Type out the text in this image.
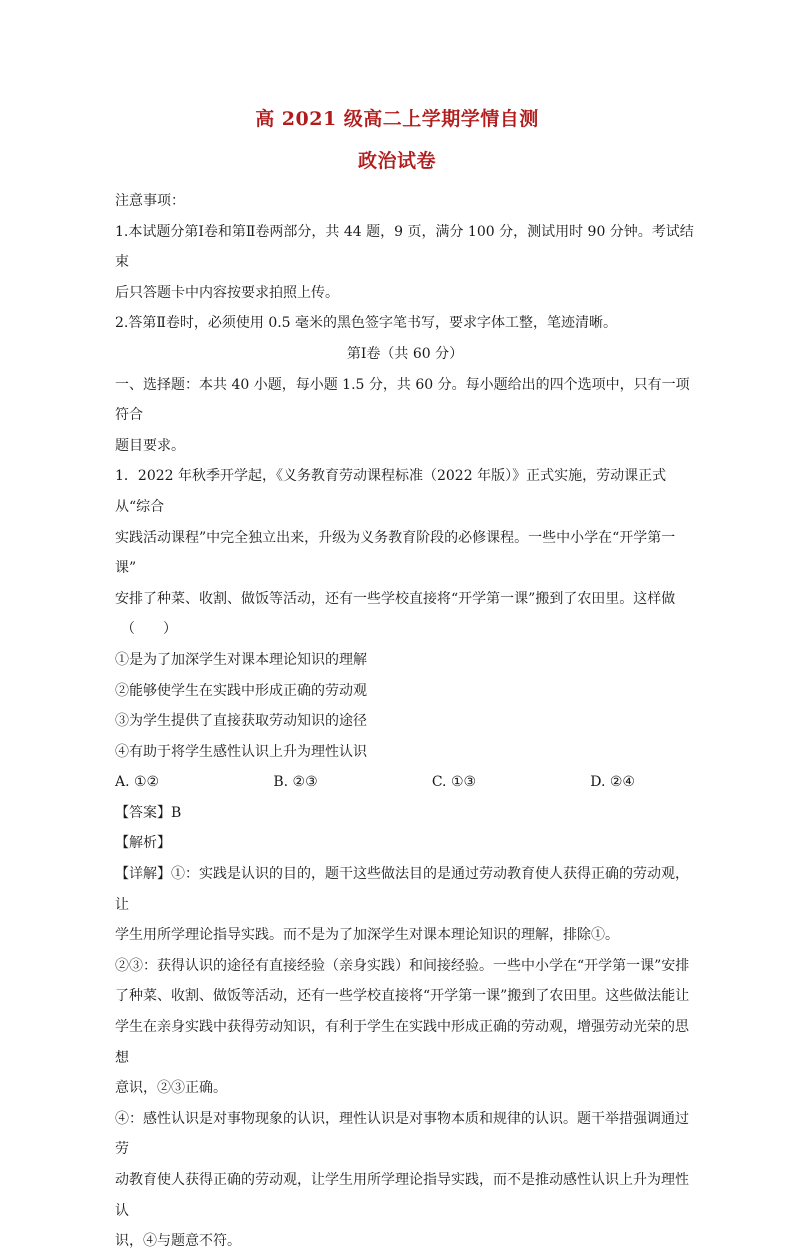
高 2021 级高二上学期学情自测
政治试卷

注意事项：

1.本试题分第Ⅰ卷和第Ⅱ卷两部分，共 44 题，9 页，满分 100 分，测试用时 90 分钟。考试结束

后只答题卡中内容按要求拍照上传。

2.答第Ⅱ卷时，必须使用 0.5 毫米的黑色签字笔书写，要求字体工整，笔迹清晰。

第Ⅰ卷（共 60 分）

一、选择题：本共 40 小题，每小题 1.5 分，共 60 分。每小题给出的四个选项中，只有一项符合

题目要求。

1．2022 年秋季开学起，《义务教育劳动课程标准（2022 年版）》正式实施，劳动课正式从“综合

实践活动课程”中完全独立出来，升级为义务教育阶段的必修课程。一些中小学在“开学第一课”

安排了种菜、收割、做饭等活动，还有一些学校直接将“开学第一课”搬到了农田里。这样做

（　　）

①是为了加深学生对课本理论知识的理解

②能够使学生在实践中形成正确的劳动观

③为学生提供了直接获取劳动知识的途径

④有助于将学生感性认识上升为理性认识

A. ①②	B. ②③	C. ①③	D. ②④

【答案】B

【解析】

【详解】①：实践是认识的目的，题干这些做法目的是通过劳动教育使人获得正确的劳动观，让

学生用所学理论指导实践。而不是为了加深学生对课本理论知识的理解，排除①。

②③：获得认识的途径有直接经验（亲身实践）和间接经验。一些中小学在“开学第一课”安排

了种菜、收割、做饭等活动，还有一些学校直接将“开学第一课”搬到了农田里。这些做法能让

学生在亲身实践中获得劳动知识，有利于学生在实践中形成正确的劳动观，增强劳动光荣的思想

意识，②③正确。

④：感性认识是对事物现象的认识，理性认识是对事物本质和规律的认识。题干举措强调通过劳

动教育使人获得正确的劳动观，让学生用所学理论指导实践，而不是推动感性认识上升为理性认

识，④与题意不符。
